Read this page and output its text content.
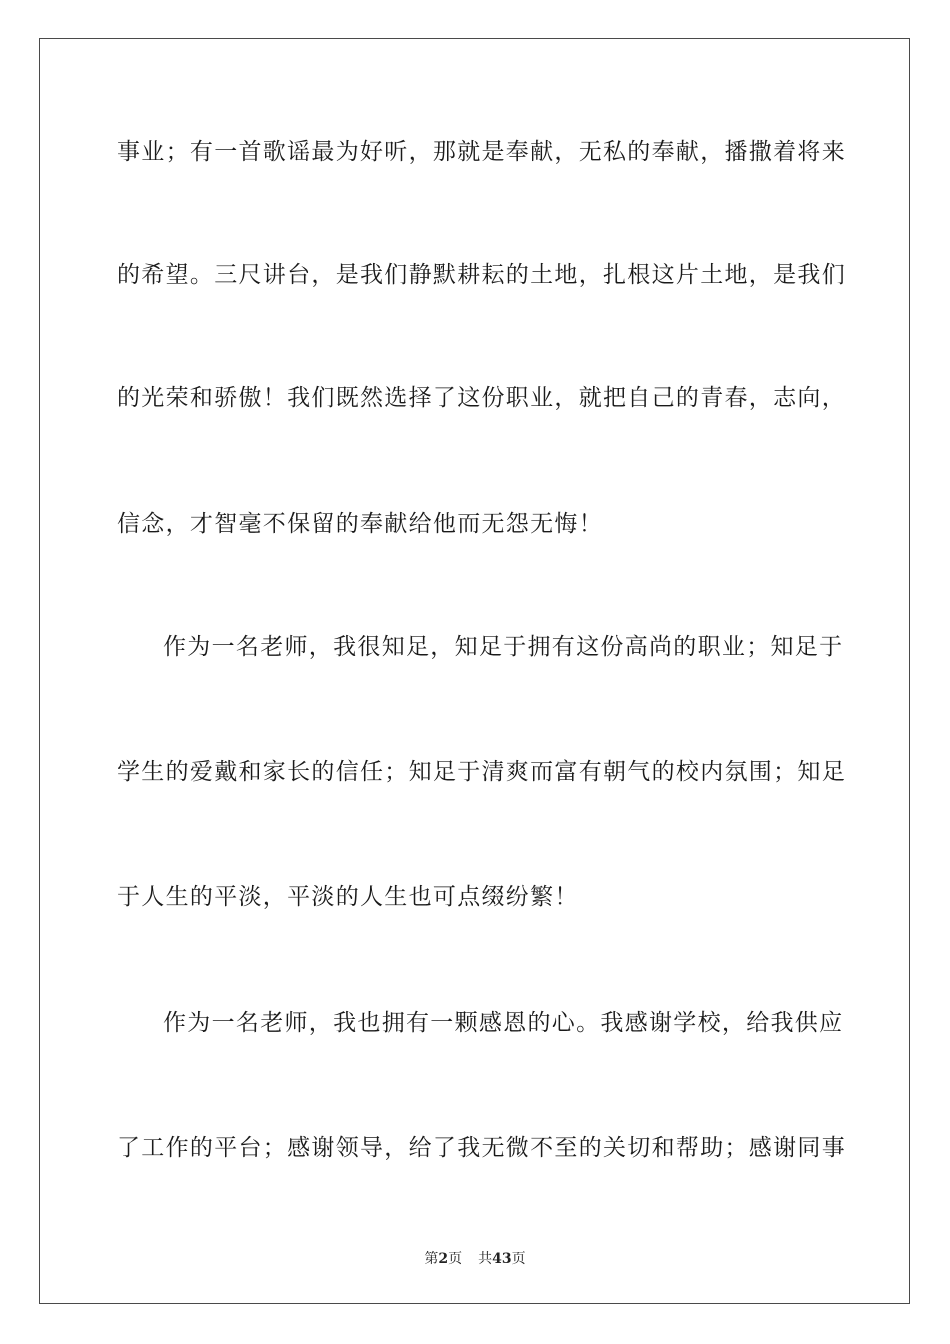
事业；有一首歌谣最为好听，那就是奉献，无私的奉献，播撒着将来
的希望。三尺讲台，是我们静默耕耘的土地，扎根这片土地，是我们
的光荣和骄傲！我们既然选择了这份职业，就把自己的青春，志向，
信念，才智毫不保留的奉献给他而无怨无悔！
作为一名老师，我很知足，知足于拥有这份高尚的职业；知足于
学生的爱戴和家长的信任；知足于清爽而富有朝气的校内氛围；知足
于人生的平淡，平淡的人生也可点缀纷繁！
作为一名老师，我也拥有一颗感恩的心。我感谢学校，给我供应
了工作的平台；感谢领导，给了我无微不至的关切和帮助；感谢同事
第2页 共43页
